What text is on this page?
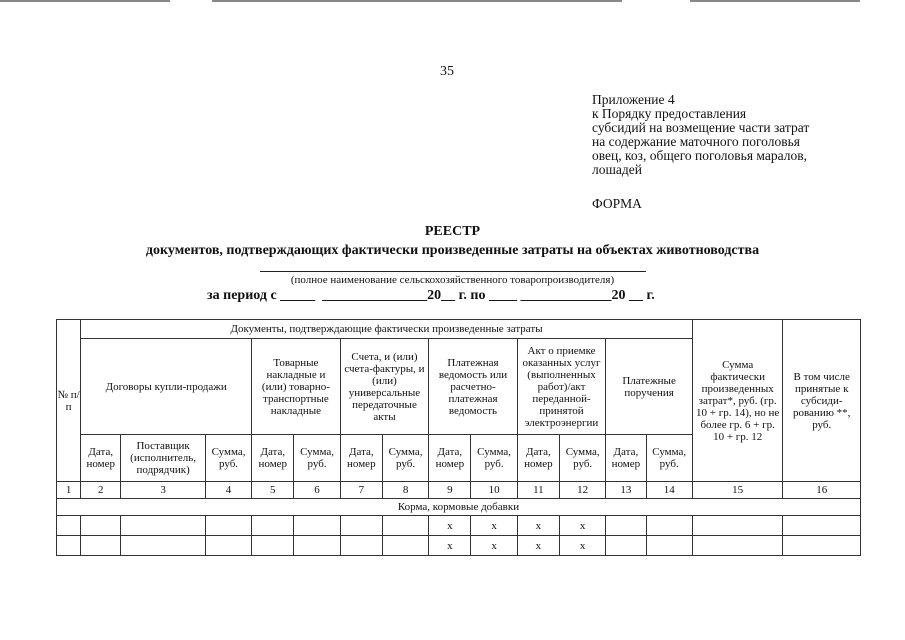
35
Приложение 4
к Порядку предоставления
субсидий на возмещение части затрат
на содержание маточного поголовья
овец, коз, общего поголовья маралов,
лошадей
ФОРМА
РЕЕСТР
документов, подтверждающих фактически произведенные затраты на объектах животноводства
(полное наименование сельскохозяйственного товаропроизводителя)
за период с _____  _______________20__ г. по ____ _____________20 __ г.
№ п/п	Документы, подтверждающие фактически произведенные затраты													Сумма фактически произведенных затрат*, руб. (гр. 10 + гр. 14), но не более гр. 6 + гр. 10 + гр. 12	В том числе принятые к субсиди-рованию **, руб.
	Договоры купли-продажи			Товарные накладные и (или) товарно-транспортные накладные		Счета, и (или) счета-фактуры, и (или) универсальные передаточные акты		Платежная ведомость или расчетно-платежная ведомость		Акт о приемке оказанных услуг (выполненных работ)/акт переданной-принятой электроэнергии		Платежные поручения			
	Дата, номер	Поставщик (исполнитель, подрядчик)	Сумма, руб.	Дата, номер	Сумма, руб.	Дата, номер	Сумма, руб.	Дата, номер	Сумма, руб.	Дата, номер	Сумма, руб.	Дата, номер	Сумма, руб.		
1	2	3	4	5	6	7	8	9	10	11	12	13	14	15	16
Корма, кормовые добавки															
								х	х	х	х				
								х	х	х	х				
